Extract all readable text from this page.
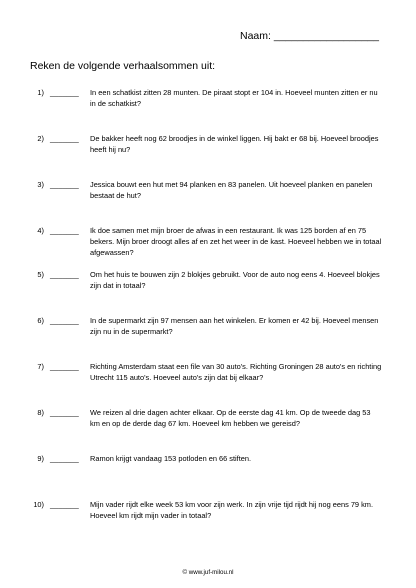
Naam: __________________
Reken de volgende verhaalsommen uit:
1) _______ In een schatkist zitten 28 munten. De piraat stopt er 104 in. Hoeveel munten zitten er nu in de schatkist?
2) _______ De bakker heeft nog 62 broodjes in de winkel liggen. Hij bakt er 68 bij. Hoeveel broodjes heeft hij nu?
3) _______ Jessica bouwt een hut met 94 planken en 83 panelen. Uit hoeveel planken en panelen bestaat de hut?
4) _______ Ik doe samen met mijn broer de afwas in een restaurant. Ik was 125 borden af en 75 bekers. Mijn broer droogt alles af en zet het weer in de kast. Hoeveel hebben we in totaal afgewassen?
5) _______ Om het huis te bouwen zijn 2 blokjes gebruikt. Voor de auto nog eens 4. Hoeveel blokjes zijn dat in totaal?
6) _______ In de supermarkt zijn 97 mensen aan het winkelen. Er komen er 42 bij. Hoeveel mensen zijn nu in de supermarkt?
7) _______ Richting Amsterdam staat een file van 30 auto's. Richting Groningen 28 auto's en richting Utrecht 115 auto's. Hoeveel auto's zijn dat bij elkaar?
8) _______ We reizen al drie dagen achter elkaar. Op de eerste dag 41 km. Op de tweede dag 53 km en op de derde dag 67 km. Hoeveel km hebben we gereisd?
9) _______ Ramon krijgt vandaag 153 potloden en 66 stiften.
10) _______ Mijn vader rijdt elke week 53 km voor zijn werk. In zijn vrije tijd rijdt hij nog eens 79 km. Hoeveel km rijdt mijn vader in totaal?
© www.juf-milou.nl
